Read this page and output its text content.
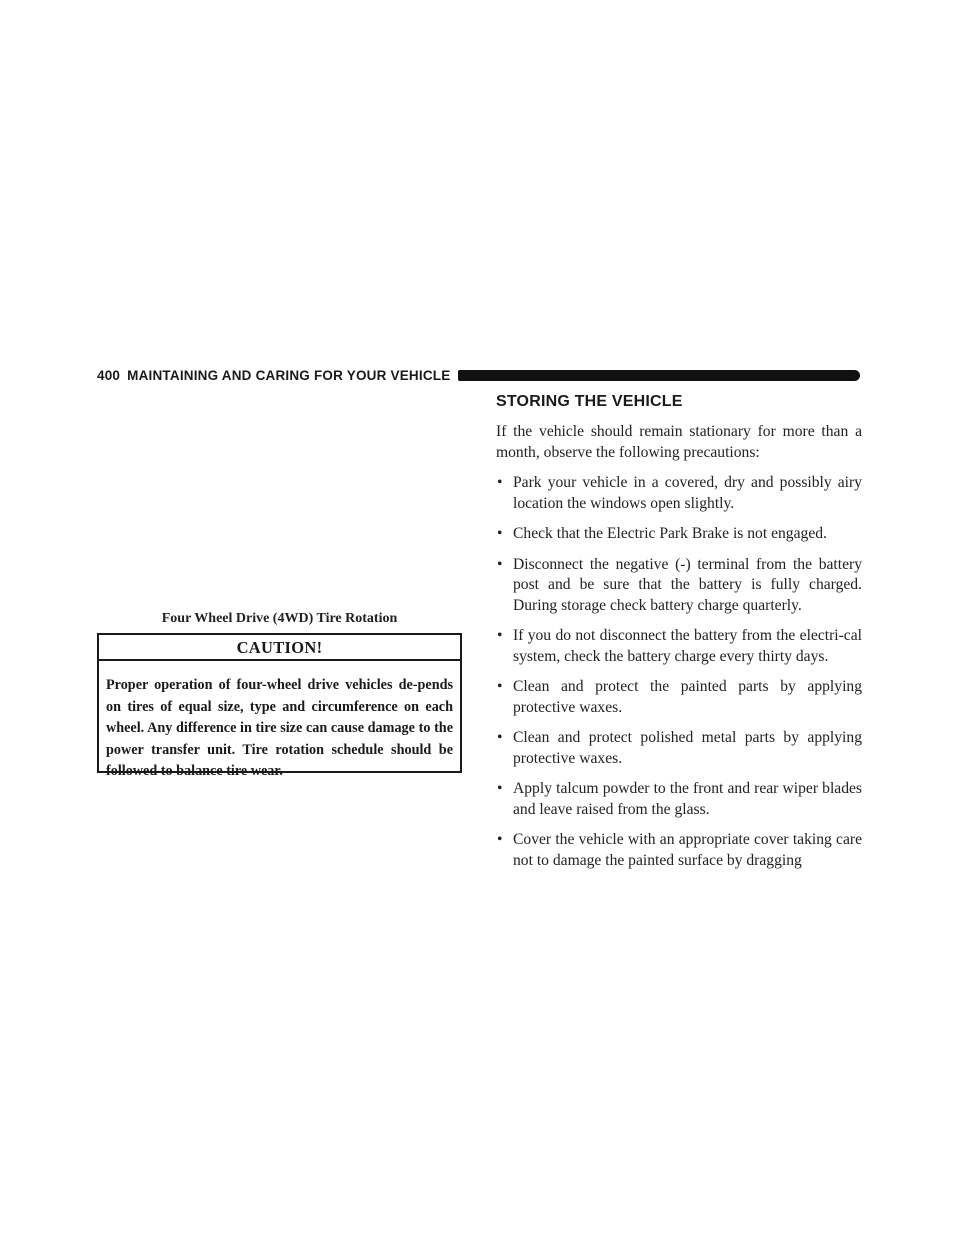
400 MAINTAINING AND CARING FOR YOUR VEHICLE
Four Wheel Drive (4WD) Tire Rotation
CAUTION!
Proper operation of four-wheel drive vehicles de-pends on tires of equal size, type and circumference on each wheel. Any difference in tire size can cause damage to the power transfer unit. Tire rotation schedule should be followed to balance tire wear.
STORING THE VEHICLE

If the vehicle should remain stationary for more than a month, observe the following precautions:

• Park your vehicle in a covered, dry and possibly airy location the windows open slightly.
• Check that the Electric Park Brake is not engaged.
• Disconnect the negative (-) terminal from the battery post and be sure that the battery is fully charged. During storage check battery charge quarterly.
• If you do not disconnect the battery from the electri-cal system, check the battery charge every thirty days.
• Clean and protect the painted parts by applying protective waxes.
• Clean and protect polished metal parts by applying protective waxes.
• Apply talcum powder to the front and rear wiper blades and leave raised from the glass.
• Cover the vehicle with an appropriate cover taking care not to damage the painted surface by dragging
